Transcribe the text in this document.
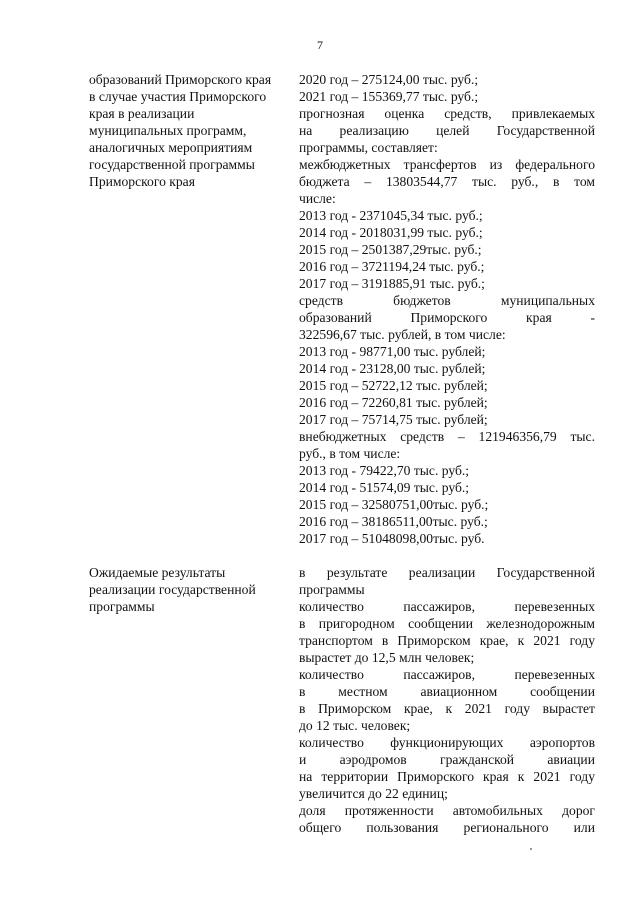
7
образований Приморского края
в случае участия Приморского
края в реализации
муниципальных программ,
аналогичных мероприятиям
государственной программы
Приморского края
2020 год – 275124,00 тыс. руб.;
2021 год – 155369,77 тыс. руб.;
прогнозная оценка средств, привлекаемых
на реализацию целей Государственной
программы, составляет:
межбюджетных трансфертов из федерального
бюджета – 13803544,77 тыс. руб., в том
числе:
2013 год - 2371045,34 тыс. руб.;
2014 год - 2018031,99 тыс. руб.;
2015 год – 2501387,29тыс. руб.;
2016 год – 3721194,24 тыс. руб.;
2017 год – 3191885,91 тыс. руб.;
средств бюджетов муниципальных
образований Приморского края -
322596,67 тыс. рублей, в том числе:
2013 год - 98771,00 тыс. рублей;
2014 год - 23128,00 тыс. рублей;
2015 год – 52722,12 тыс. рублей;
2016 год – 72260,81 тыс. рублей;
2017 год – 75714,75 тыс. рублей;
внебюджетных средств – 121946356,79 тыс.
руб., в том числе:
2013 год - 79422,70 тыс. руб.;
2014 год - 51574,09 тыс. руб.;
2015 год – 32580751,00тыс. руб.;
2016 год – 38186511,00тыс. руб.;
2017 год – 51048098,00тыс. руб.
Ожидаемые результаты
реализации государственной
программы
в результате реализации Государственной
программы
количество пассажиров, перевезенных
в пригородном сообщении железнодорожным
транспортом в Приморском крае, к 2021 году
вырастет до 12,5 млн человек;
количество пассажиров, перевезенных
в местном авиационном сообщении
в Приморском крае, к 2021 году вырастет
до 12 тыс. человек;
количество функционирующих аэропортов
и аэродромов гражданской авиации
на территории Приморского края к 2021 году
увеличится до 22 единиц;
доля протяженности автомобильных дорог
общего пользования регионального или
